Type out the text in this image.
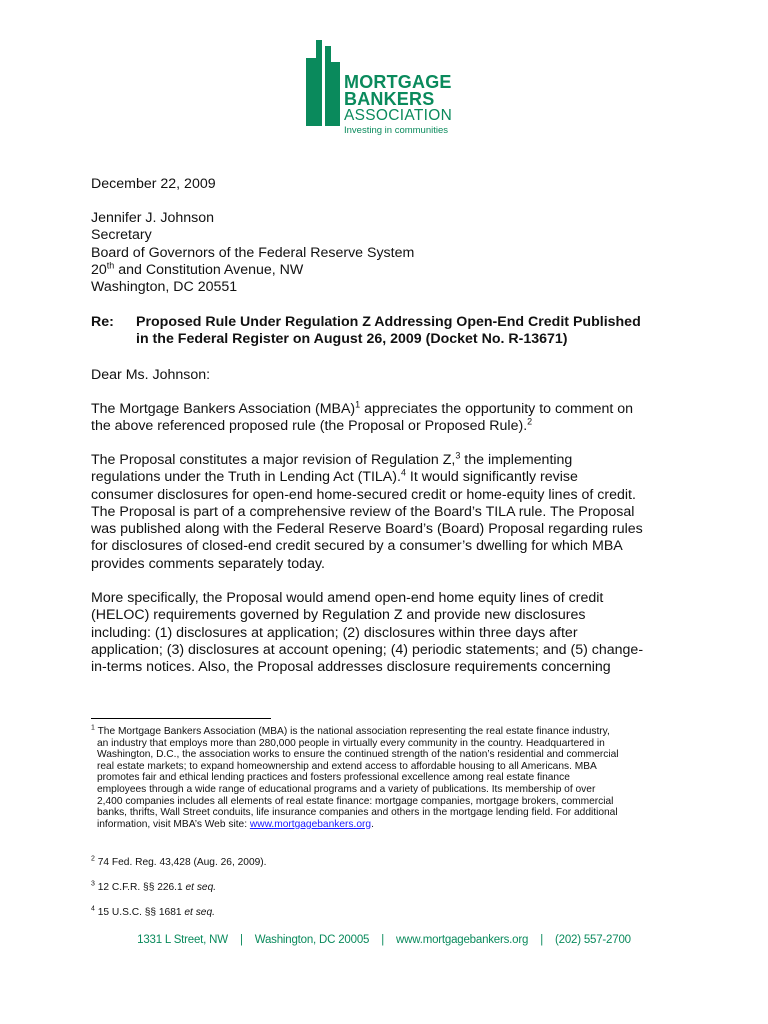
MORTGAGE
BANKERS
ASSOCIATION
Investing in communities
December 22, 2009
Jennifer J. Johnson
Secretary
Board of Governors of the Federal Reserve System
20th and Constitution Avenue, NW
Washington, DC 20551
Re: Proposed Rule Under Regulation Z Addressing Open-End Credit Published
in the Federal Register on August 26, 2009 (Docket No. R-13671)
Dear Ms. Johnson:
The Mortgage Bankers Association (MBA)$^1$ appreciates the opportunity to comment on
the above referenced proposed rule (the Proposal or Proposed Rule).$^2$
The Proposal constitutes a major revision of Regulation Z,$^3$ the implementing
regulations under the Truth in Lending Act (TILA).$^4$ It would significantly revise
consumer disclosures for open-end home-secured credit or home-equity lines of credit.
The Proposal is part of a comprehensive review of the Board’s TILA rule. The Proposal
was published along with the Federal Reserve Board’s (Board) Proposal regarding rules
for disclosures of closed-end credit secured by a consumer’s dwelling for which MBA
provides comments separately today.
More specifically, the Proposal would amend open-end home equity lines of credit
(HELOC) requirements governed by Regulation Z and provide new disclosures
including: (1) disclosures at application; (2) disclosures within three days after
application; (3) disclosures at account opening; (4) periodic statements; and (5) change-
in-terms notices. Also, the Proposal addresses disclosure requirements concerning
$^1$ The Mortgage Bankers Association (MBA) is the national association representing the real estate finance industry,
an industry that employs more than 280,000 people in virtually every community in the country. Headquartered in
Washington, D.C., the association works to ensure the continued strength of the nation’s residential and commercial
real estate markets; to expand homeownership and extend access to affordable housing to all Americans. MBA
promotes fair and ethical lending practices and fosters professional excellence among real estate finance
employees through a wide range of educational programs and a variety of publications. Its membership of over
2,400 companies includes all elements of real estate finance: mortgage companies, mortgage brokers, commercial
banks, thrifts, Wall Street conduits, life insurance companies and others in the mortgage lending field. For additional
information, visit MBA’s Web site: www.mortgagebankers.org.
$^2$ 74 Fed. Reg. 43,428 (Aug. 26, 2009).
$^3$ 12 C.F.R. §§ 226.1 et seq.
$^4$ 15 U.S.C. §§ 1681 et seq.
1331 L Street, NW | Washington, DC 20005 | www.mortgagebankers.org | (202) 557-2700
